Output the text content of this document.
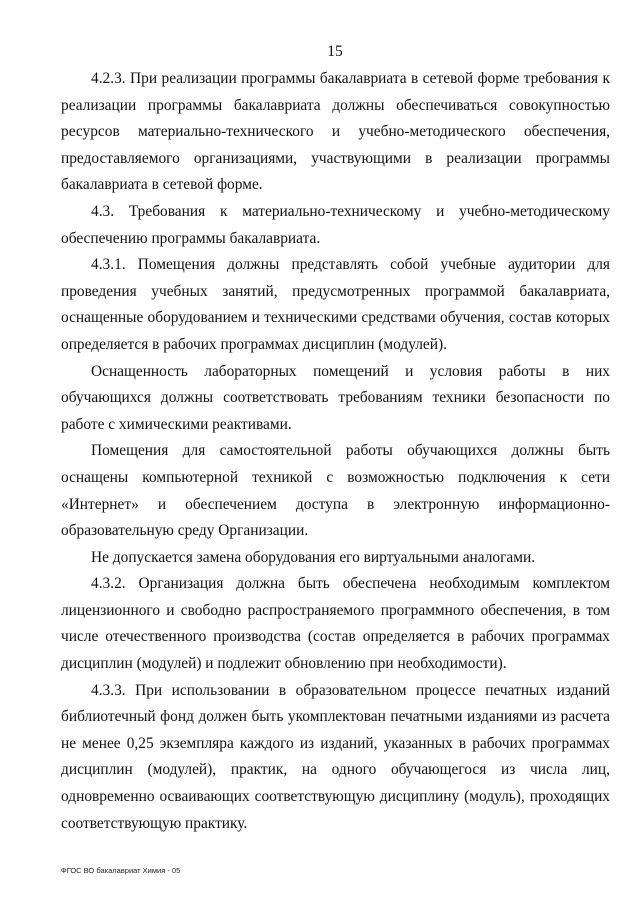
15

4.2.3. При реализации программы бакалавриата в сетевой форме требования к реализации программы бакалавриата должны обеспечиваться совокупностью ресурсов материально-технического и учебно-методического обеспечения, предоставляемого организациями, участвующими в реализации программы бакалавриата в сетевой форме.

4.3. Требования к материально-техническому и учебно-методическому обеспечению программы бакалавриата.

4.3.1. Помещения должны представлять собой учебные аудитории для проведения учебных занятий, предусмотренных программой бакалавриата, оснащенные оборудованием и техническими средствами обучения, состав которых определяется в рабочих программах дисциплин (модулей).

Оснащенность лабораторных помещений и условия работы в них обучающихся должны соответствовать требованиям техники безопасности по работе с химическими реактивами.

Помещения для самостоятельной работы обучающихся должны быть оснащены компьютерной техникой с возможностью подключения к сети «Интернет» и обеспечением доступа в электронную информационно-образовательную среду Организации.

Не допускается замена оборудования его виртуальными аналогами.

4.3.2. Организация должна быть обеспечена необходимым комплектом лицензионного и свободно распространяемого программного обеспечения, в том числе отечественного производства (состав определяется в рабочих программах дисциплин (модулей) и подлежит обновлению при необходимости).

4.3.3. При использовании в образовательном процессе печатных изданий библиотечный фонд должен быть укомплектован печатными изданиями из расчета не менее 0,25 экземпляра каждого из изданий, указанных в рабочих программах дисциплин (модулей), практик, на одного обучающегося из числа лиц, одновременно осваивающих соответствующую дисциплину (модуль), проходящих соответствующую практику.

ФГОС ВО бакалавриат Химия - 05
